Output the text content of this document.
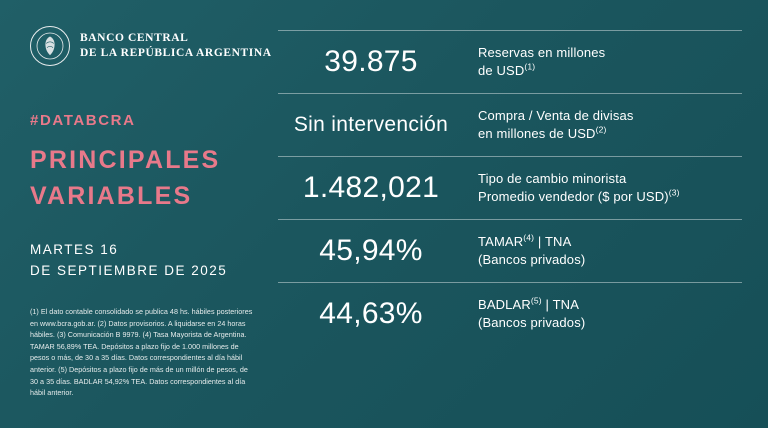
BANCO CENTRAL
DE LA REPÚBLICA ARGENTINA
#DATABCRA
PRINCIPALES
VARIABLES
MARTES 16
DE SEPTIEMBRE DE 2025
(1) El dato contable consolidado se publica 48 hs. hábiles posteriores en www.bcra.gob.ar. (2) Datos provisorios. A liquidarse en 24 horas hábiles. (3) Comunicación B 9979. (4) Tasa Mayorista de Argentina. TAMAR 56,89% TEA. Depósitos a plazo fijo de 1.000 millones de pesos o más, de 30 a 35 días. Datos correspondientes al día hábil anterior. (5) Depósitos a plazo fijo de más de un millón de pesos, de 30 a 35 días. BADLAR 54,92% TEA. Datos correspondientes al día hábil anterior.
39.875	Reservas en millones
de USD$^{(1)}$
Sin intervención	Compra / Venta de divisas
en millones de USD$^{(2)}$
1.482,021	Tipo de cambio minorista
Promedio vendedor ($ por USD)$^{(3)}$
45,94%	TAMAR$^{(4)}$ | TNA
(Bancos privados)
44,63%	BADLAR$^{(5)}$ | TNA
(Bancos privados)
